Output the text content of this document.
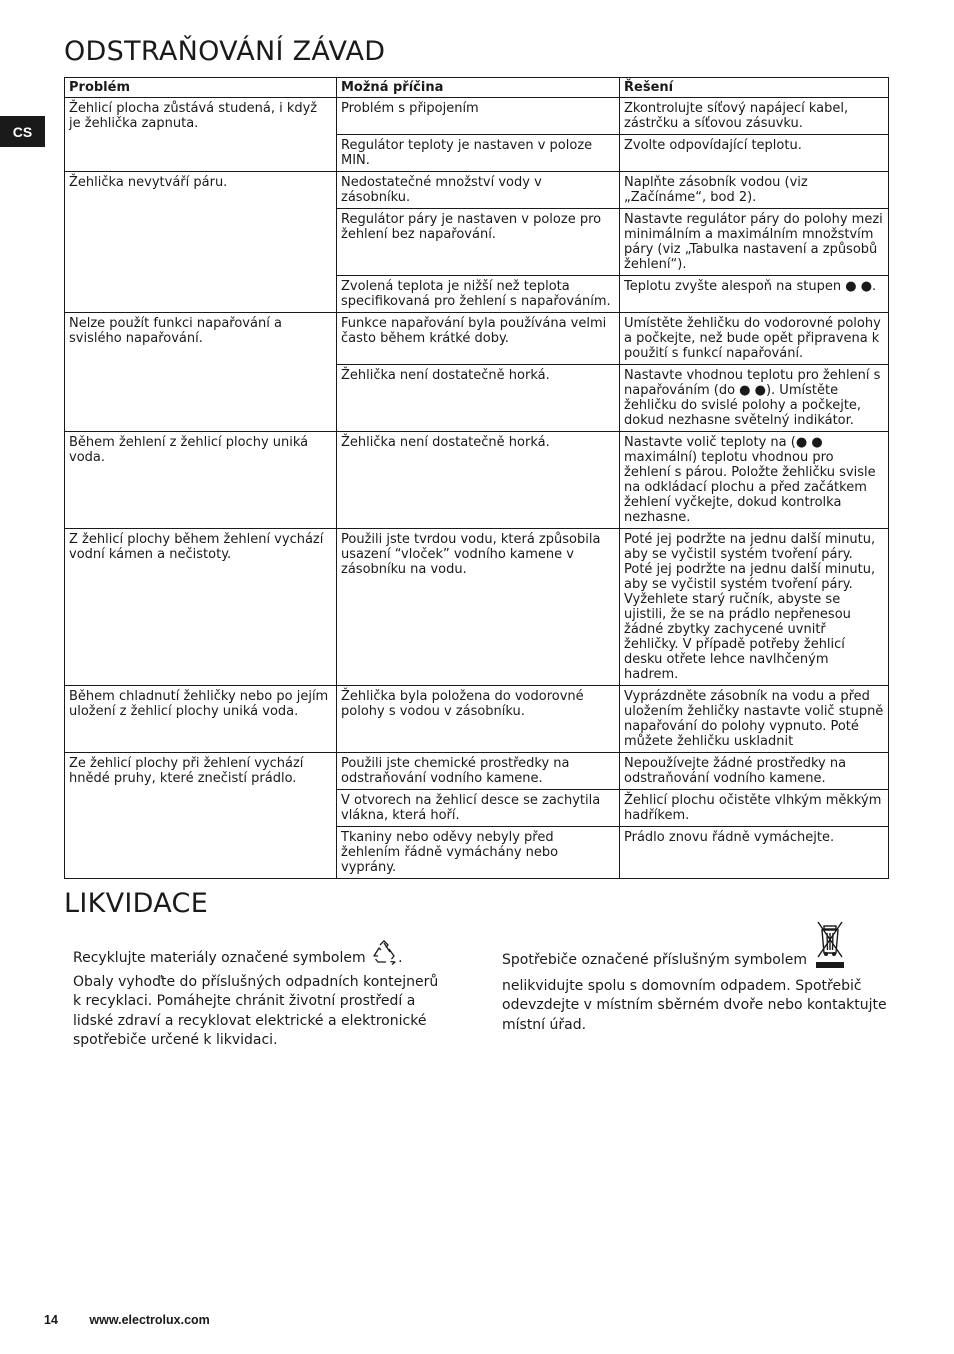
CS
ODSTRAŇOVÁNÍ ZÁVAD
Problém	Možná příčina	Řešení
Žehlicí plocha zůstává studená, i když je žehlička zapnuta.	Problém s připojením	Zkontrolujte síťový napájecí kabel, zástrčku a síťovou zásuvku.
	Regulátor teploty je nastaven v poloze MIN.	Zvolte odpovídající teplotu.
Žehlička nevytváří páru.	Nedostatečné množství vody v zásobníku.	Naplňte zásobník vodou (viz „Začínáme“, bod 2).
	Regulátor páry je nastaven v poloze pro žehlení bez napařování.	Nastavte regulátor páry do polohy mezi minimálním a maximálním množstvím páry (viz „Tabulka nastavení a způsobů žehlení“).
	Zvolená teplota je nižší než teplota specifikovaná pro žehlení s napařováním.	Teplotu zvyšte alespoň na stupen ● ●.
Nelze použít funkci napařování a svislého napařování.	Funkce napařování byla používána velmi často během krátké doby.	Umístěte žehličku do vodorovné polohy a počkejte, než bude opět připravena k použití s funkcí napařování.
	Žehlička není dostatečně horká.	Nastavte vhodnou teplotu pro žehlení s napařováním (do ● ●). Umístěte žehličku do svislé polohy a počkejte, dokud nezhasne světelný indikátor.
Během žehlení z žehlicí plochy uniká voda.	Žehlička není dostatečně horká.	Nastavte volič teploty na (● ● maximální) teplotu vhodnou pro žehlení s párou. Položte žehličku svisle na odkládací plochu a před začátkem žehlení vyčkejte, dokud kontrolka nezhasne.
Z žehlicí plochy během žehlení vychází vodní kámen a nečistoty.	Použili jste tvrdou vodu, která způsobila usazení “vloček” vodního kamene v zásobníku na vodu.	Poté jej podržte na jednu další minutu, aby se vyčistil systém tvoření páry. Poté jej podržte na jednu další minutu, aby se vyčistil systém tvoření páry. Vyžehlete starý ručník, abyste se ujistili, že se na prádlo nepřenesou žádné zbytky zachycené uvnitř žehličky. V případě potřeby žehlicí desku otřete lehce navlhčeným hadrem.
Během chladnutí žehličky nebo po jejím uložení z žehlicí plochy uniká voda.	Žehlička byla položena do vodorovné polohy s vodou v zásobníku.	Vyprázdněte zásobník na vodu a před uložením žehličky nastavte volič stupně napařování do polohy vypnuto. Poté můžete žehličku uskladnit
Ze žehlicí plochy při žehlení vychází hnědé pruhy, které znečistí prádlo.	Použili jste chemické prostředky na odstraňování vodního kamene.	Nepoužívejte žádné prostředky na odstraňování vodního kamene.
	V otvorech na žehlicí desce se zachytila vlákna, která hoří.	Žehlicí plochu očistěte vlhkým měkkým hadříkem.
	Tkaniny nebo oděvy nebyly před žehlením řádně vymáchány nebo vyprány.	Prádlo znovu řádně vymáchejte.
LIKVIDACE

Recyklujte materiály označené symbolem .

Obaly vyhoďte do příslušných odpadních kontejnerů k recyklaci. Pomáhejte chránit životní prostředí a lidské zdraví a recyklovat elektrické a elektronické spotřebiče určené k likvidaci.

Spotřebiče označené příslušným symbolem

nelikvidujte spolu s domovním odpadem. Spotřebič odevzdejte v místním sběrném dvoře nebo kontaktujte místní úřad.

14	www.electrolux.com
